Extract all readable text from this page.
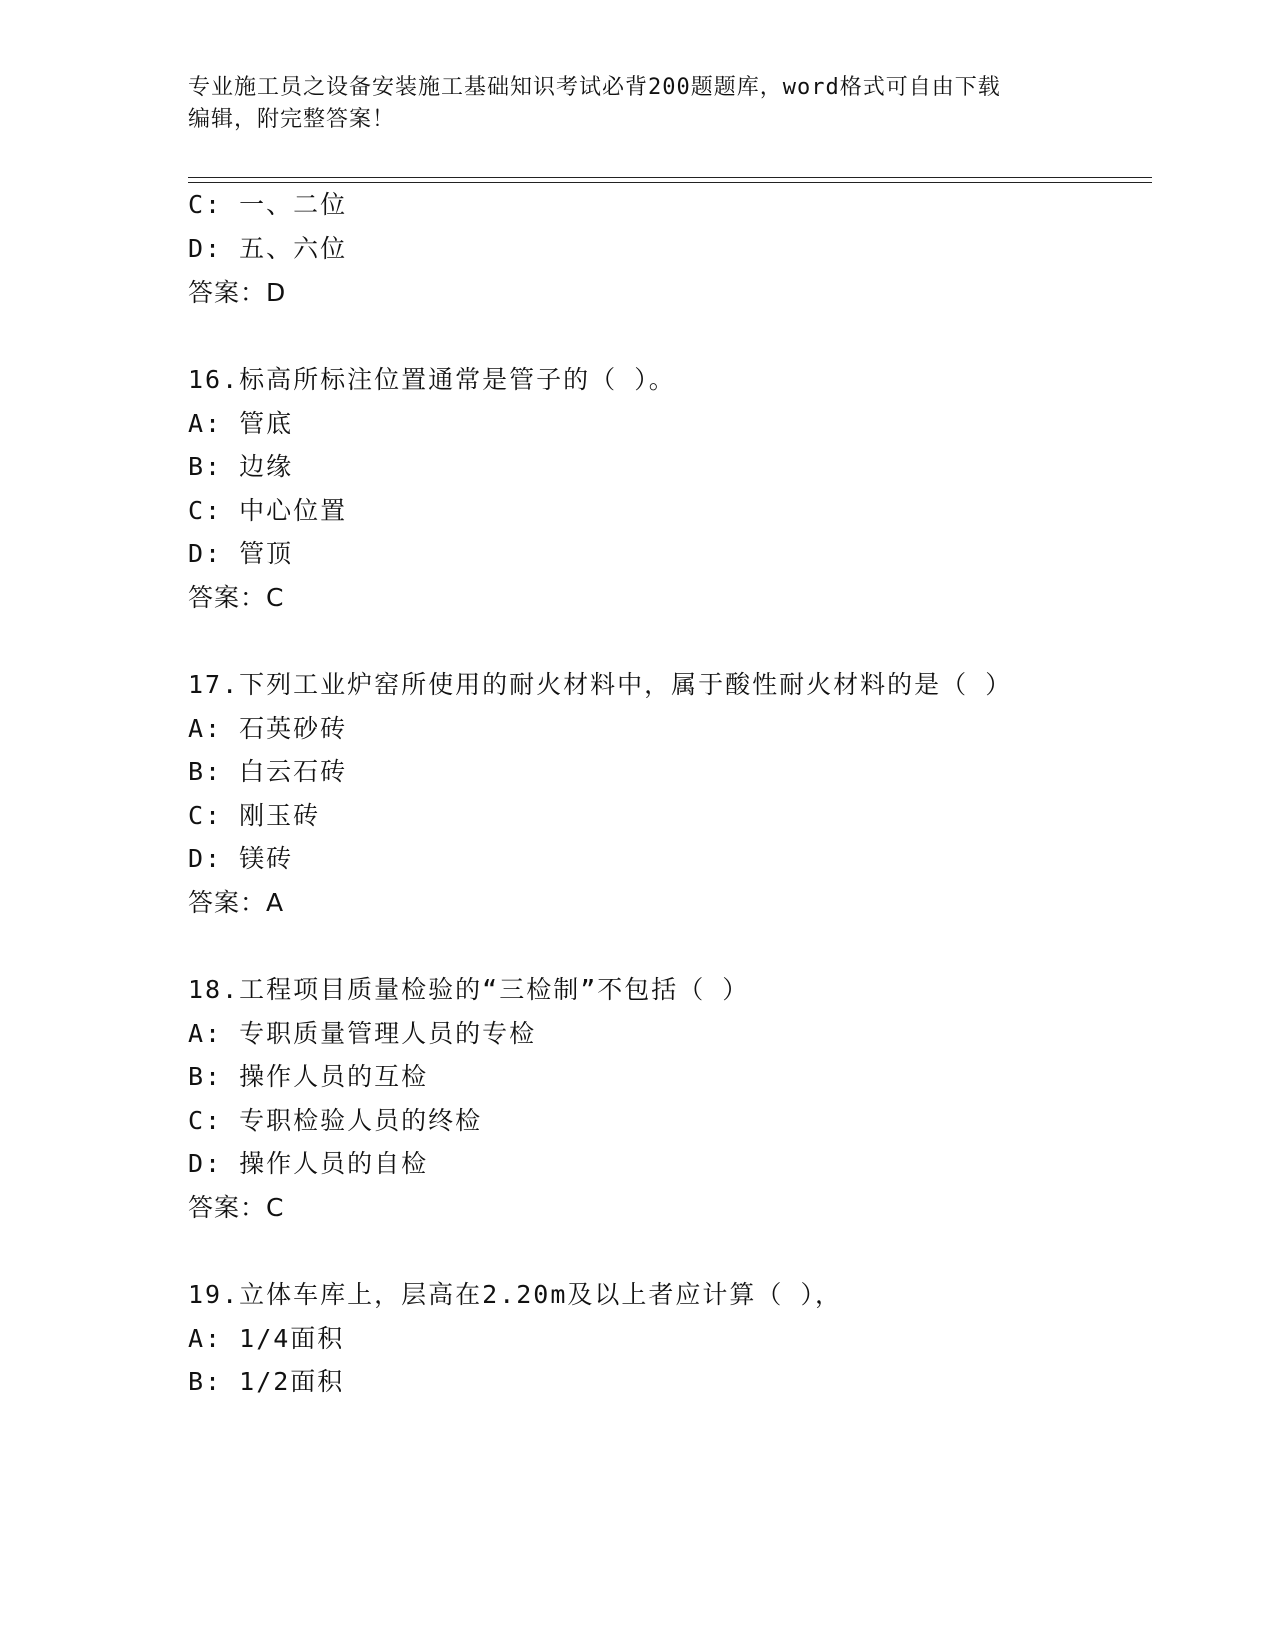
专业施工员之设备安装施工基础知识考试必背200题题库，word格式可自由下载
编辑，附完整答案！
C: 一、二位
D: 五、六位
答案：D
16.标高所标注位置通常是管子的（ ）。
A: 管底
B: 边缘
C: 中心位置
D: 管顶
答案：C
17.下列工业炉窑所使用的耐火材料中，属于酸性耐火材料的是（ ）
A: 石英砂砖
B: 白云石砖
C: 刚玉砖
D: 镁砖
答案：A
18.工程项目质量检验的“三检制”不包括（ ）
A: 专职质量管理人员的专检
B: 操作人员的互检
C: 专职检验人员的终检
D: 操作人员的自检
答案：C
19.立体车库上，层高在2.20m及以上者应计算（ ），
A: 1/4面积
B: 1/2面积
